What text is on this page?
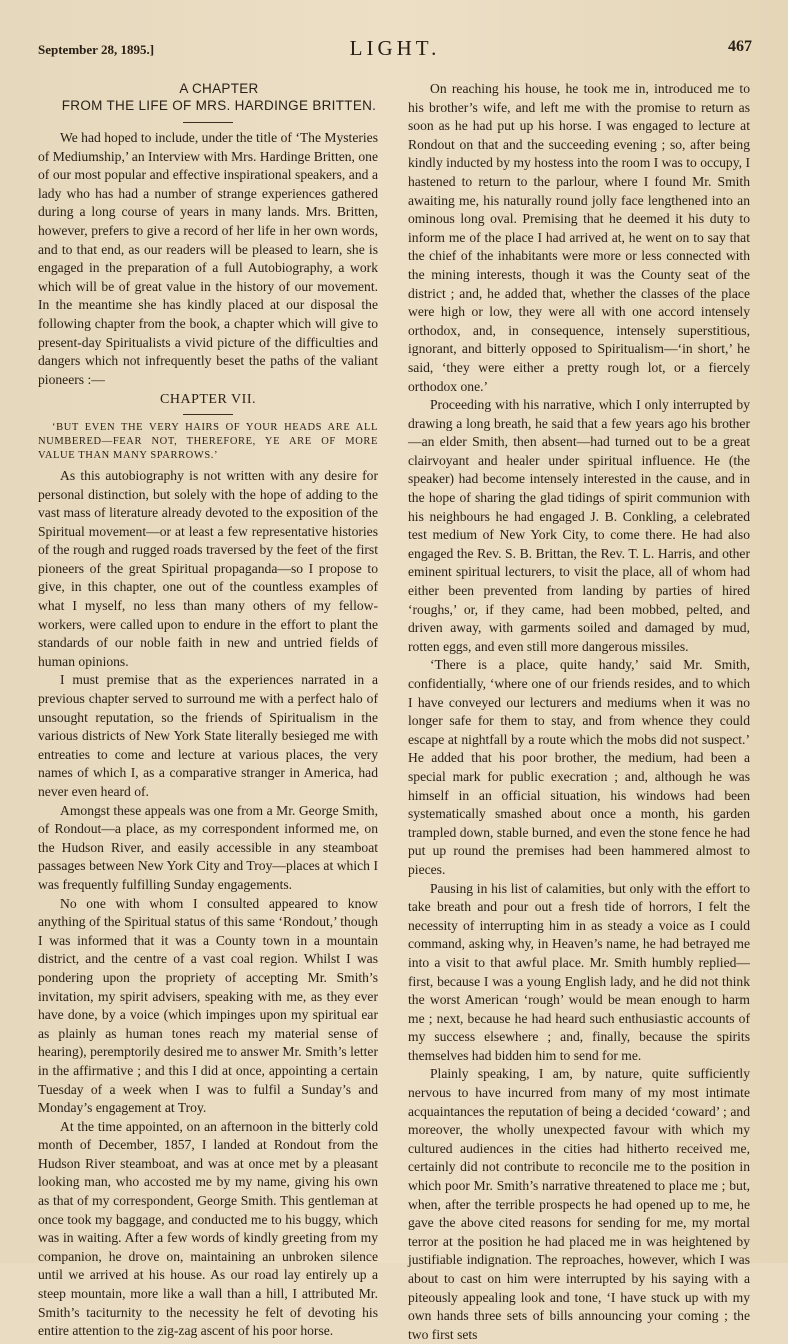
September 28, 1895.]	LIGHT.	467

A CHAPTER

FROM THE LIFE OF MRS. HARDINGE BRITTEN.

We had hoped to include, under the title of ‘The Mysteries of Mediumship,’ an Interview with Mrs. Hardinge Britten, one of our most popular and effective inspirational speakers, and a lady who has had a number of strange experiences gathered during a long course of years in many lands. Mrs. Britten, however, prefers to give a record of her life in her own words, and to that end, as our readers will be pleased to learn, she is engaged in the preparation of a full Autobiography, a work which will be of great value in the history of our movement. In the meantime she has kindly placed at our disposal the following chapter from the book, a chapter which will give to present-day Spiritualists a vivid picture of the difficulties and dangers which not infrequently beset the paths of the valiant pioneers :—

CHAPTER VII.
‘BUT EVEN THE VERY HAIRS OF YOUR HEADS ARE ALL NUMBERED—FEAR NOT, THEREFORE, YE ARE OF MORE VALUE THAN MANY SPARROWS.’

As this autobiography is not written with any desire for personal distinction, but solely with the hope of adding to the vast mass of literature already devoted to the exposition of the Spiritual movement—or at least a few representative histories of the rough and rugged roads traversed by the feet of the first pioneers of the great Spiritual propaganda—so I propose to give, in this chapter, one out of the countless examples of what I myself, no less than many others of my fellow-workers, were called upon to endure in the effort to plant the standards of our noble faith in new and untried fields of human opinions.

I must premise that as the experiences narrated in a previous chapter served to surround me with a perfect halo of unsought reputation, so the friends of Spiritualism in the various districts of New York State literally besieged me with entreaties to come and lecture at various places, the very names of which I, as a comparative stranger in America, had never even heard of.

Amongst these appeals was one from a Mr. George Smith, of Rondout—a place, as my correspondent informed me, on the Hudson River, and easily accessible in any steamboat passages between New York City and Troy—places at which I was frequently fulfilling Sunday engagements.

No one with whom I consulted appeared to know anything of the Spiritual status of this same ‘Rondout,’ though I was informed that it was a County town in a mountain district, and the centre of a vast coal region. Whilst I was pondering upon the propriety of accepting Mr. Smith’s invitation, my spirit advisers, speaking with me, as they ever have done, by a voice (which impinges upon my spiritual ear as plainly as human tones reach my material sense of hearing), peremptorily desired me to answer Mr. Smith’s letter in the affirmative ; and this I did at once, appointing a certain Tuesday of a week when I was to fulfil a Sunday’s and Monday’s engagement at Troy.

At the time appointed, on an afternoon in the bitterly cold month of December, 1857, I landed at Rondout from the Hudson River steamboat, and was at once met by a pleasant looking man, who accosted me by my name, giving his own as that of my correspondent, George Smith. This gentleman at once took my baggage, and conducted me to his buggy, which was in waiting. After a few words of kindly greeting from my companion, he drove on, maintaining an unbroken silence until we arrived at his house. As our road lay entirely up a steep mountain, more like a wall than a hill, I attributed Mr. Smith’s taciturnity to the necessity he felt of devoting his entire attention to the zig-zag ascent of his poor horse.

On reaching his house, he took me in, introduced me to his brother’s wife, and left me with the promise to return as soon as he had put up his horse. I was engaged to lecture at Rondout on that and the succeeding evening ; so, after being kindly inducted by my hostess into the room I was to occupy, I hastened to return to the parlour, where I found Mr. Smith awaiting me, his naturally round jolly face lengthened into an ominous long oval. Premising that he deemed it his duty to inform me of the place I had arrived at, he went on to say that the chief of the inhabitants were more or less connected with the mining interests, though it was the County seat of the district ; and, he added that, whether the classes of the place were high or low, they were all with one accord intensely orthodox, and, in consequence, intensely superstitious, ignorant, and bitterly opposed to Spiritualism—‘in short,’ he said, ‘they were either a pretty rough lot, or a fiercely orthodox one.’

Proceeding with his narrative, which I only interrupted by drawing a long breath, he said that a few years ago his brother—an elder Smith, then absent—had turned out to be a great clairvoyant and healer under spiritual influence. He (the speaker) had become intensely interested in the cause, and in the hope of sharing the glad tidings of spirit communion with his neighbours he had engaged J. B. Conkling, a celebrated test medium of New York City, to come there. He had also engaged the Rev. S. B. Brittan, the Rev. T. L. Harris, and other eminent spiritual lecturers, to visit the place, all of whom had either been prevented from landing by parties of hired ‘roughs,’ or, if they came, had been mobbed, pelted, and driven away, with garments soiled and damaged by mud, rotten eggs, and even still more dangerous missiles.

‘There is a place, quite handy,’ said Mr. Smith, confidentially, ‘where one of our friends resides, and to which I have conveyed our lecturers and mediums when it was no longer safe for them to stay, and from whence they could escape at nightfall by a route which the mobs did not suspect.’ He added that his poor brother, the medium, had been a special mark for public execration ; and, although he was himself in an official situation, his windows had been systematically smashed about once a month, his garden trampled down, stable burned, and even the stone fence he had put up round the premises had been hammered almost to pieces.

Pausing in his list of calamities, but only with the effort to take breath and pour out a fresh tide of horrors, I felt the necessity of interrupting him in as steady a voice as I could command, asking why, in Heaven’s name, he had betrayed me into a visit to that awful place. Mr. Smith humbly replied—first, because I was a young English lady, and he did not think the worst American ‘rough’ would be mean enough to harm me ; next, because he had heard such enthusiastic accounts of my success elsewhere ; and, finally, because the spirits themselves had bidden him to send for me.

Plainly speaking, I am, by nature, quite sufficiently nervous to have incurred from many of my most intimate acquaintances the reputation of being a decided ‘coward’ ; and moreover, the wholly unexpected favour with which my cultured audiences in the cities had hitherto received me, certainly did not contribute to reconcile me to the position in which poor Mr. Smith’s narrative threatened to place me ; but, when, after the terrible prospects he had opened up to me, he gave the above cited reasons for sending for me, my mortal terror at the position he had placed me in was heightened by justifiable indignation. The reproaches, however, which I was about to cast on him were interrupted by his saying with a piteously appealing look and tone, ‘I have stuck up with my own hands three sets of bills announcing your coming ; the two first sets
